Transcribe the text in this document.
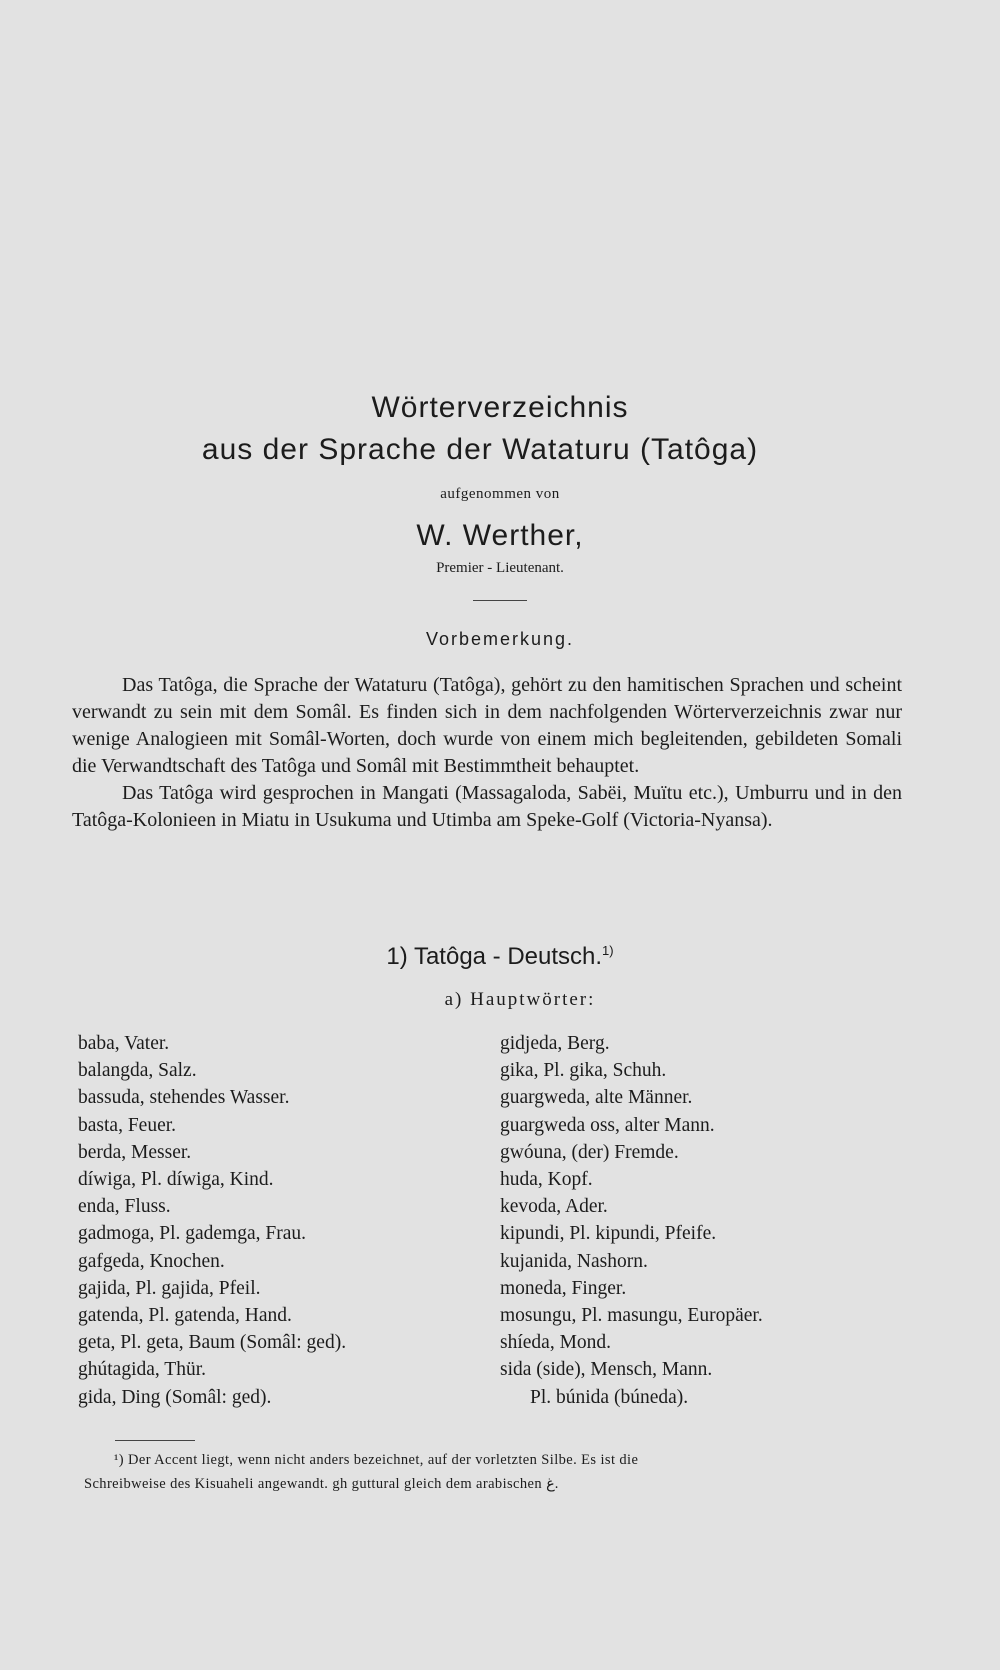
Wörterverzeichnis
aus der Sprache der Wataturu (Tatôga)
aufgenommen von
W. Werther,
Premier - Lieutenant.
Vorbemerkung.

Das Tatôga, die Sprache der Wataturu (Tatôga), gehört zu den hamitischen Sprachen und scheint verwandt zu sein mit dem Somâl. Es finden sich in dem nachfolgenden Wörterverzeichnis zwar nur wenige Analogieen mit Somâl-Worten, doch wurde von einem mich begleitenden, gebildeten Somali die Verwandtschaft des Tatôga und Somâl mit Bestimmtheit behauptet.

Das Tatôga wird gesprochen in Mangati (Massagaloda, Sabëi, Muïtu etc.), Umburru und in den Tatôga-Kolonieen in Miatu in Usukuma und Utimba am Speke-Golf (Victoria-Nyansa).

1) Tatôga - Deutsch.$^{1)}$
a) Hauptwörter:
baba, Vater.
balangda, Salz.
bassuda, stehendes Wasser.
basta, Feuer.
berda, Messer.
díwiga, Pl. díwiga, Kind.
enda, Fluss.
gadmoga, Pl. gademga, Frau.
gafgeda, Knochen.
gajida, Pl. gajida, Pfeil.
gatenda, Pl. gatenda, Hand.
geta, Pl. geta, Baum (Somâl: ged).
ghútagida, Thür.
gida, Ding (Somâl: ged).
gidjeda, Berg.
gika, Pl. gika, Schuh.
guargweda, alte Männer.
guargweda oss, alter Mann.
gwóuna, (der) Fremde.
huda, Kopf.
kevoda, Ader.
kipundi, Pl. kipundi, Pfeife.
kujanida, Nashorn.
moneda, Finger.
mosungu, Pl. masungu, Europäer.
shíeda, Mond.
sida (side), Mensch, Mann.
Pl. búnida (búneda).

¹) Der Accent liegt, wenn nicht anders bezeichnet, auf der vorletzten Silbe. Es ist die

Schreibweise des Kisuaheli angewandt. gh guttural gleich dem arabischen غ.
